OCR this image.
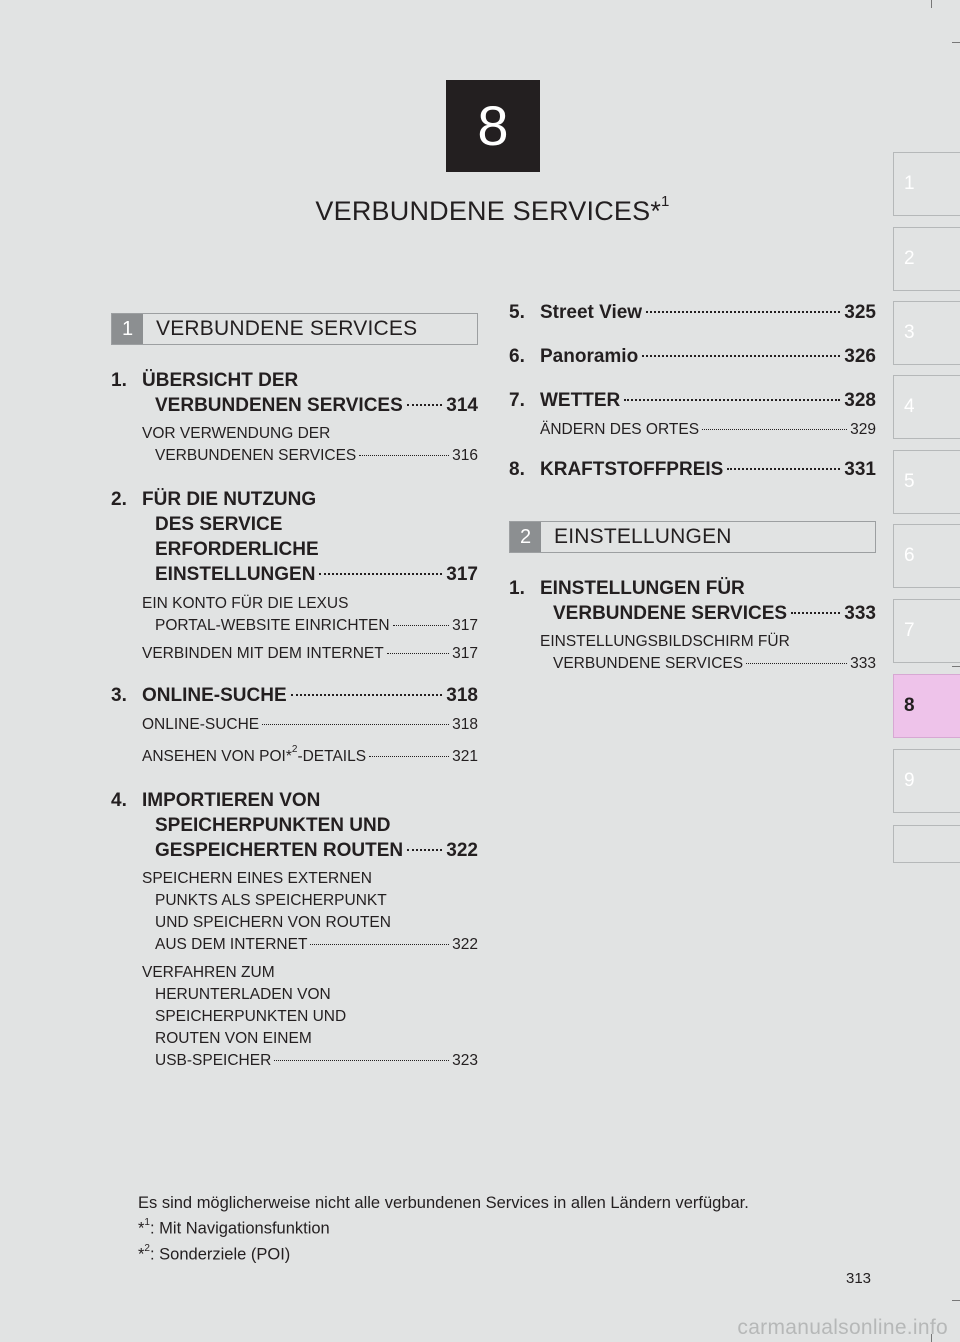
8
VERBUNDENE SERVICES*$^1$
1
2
3
4
5
6
7
8
9
1	VERBUNDENE SERVICES
1. ÜBERSICHT DER
VERBUNDENEN SERVICES 314
VOR VERWENDUNG DER
VERBUNDENEN SERVICES	316
2. FÜR DIE NUTZUNG
DES SERVICE
ERFORDERLICHE
EINSTELLUNGEN	317
EIN KONTO FÜR DIE LEXUS
PORTAL-WEBSITE EINRICHTEN	317
VERBINDEN MIT DEM INTERNET	317
3. ONLINE-SUCHE	318
ONLINE-SUCHE	318
ANSEHEN VON POI*$^2$-DETAILS	321
4. IMPORTIEREN VON
SPEICHERPUNKTEN UND
GESPEICHERTEN ROUTEN 322
SPEICHERN EINES EXTERNEN
PUNKTS ALS SPEICHERPUNKT
UND SPEICHERN VON ROUTEN
AUS DEM INTERNET	322
VERFAHREN ZUM
HERUNTERLADEN VON
SPEICHERPUNKTEN UND
ROUTEN VON EINEM
USB-SPEICHER	323
5. Street View	325
6. Panoramio	326
7. WETTER	328
ÄNDERN DES ORTES	329
8. KRAFTSTOFFPREIS	331
2	EINSTELLUNGEN
1. EINSTELLUNGEN FÜR
VERBUNDENE SERVICES	333
EINSTELLUNGSBILDSCHIRM FÜR
VERBUNDENE SERVICES	333
Es sind möglicherweise nicht alle verbundenen Services in allen Ländern verfügbar.
*$^1$: Mit Navigationsfunktion
*$^2$: Sonderziele (POI)
313
carmanualsonline.info
